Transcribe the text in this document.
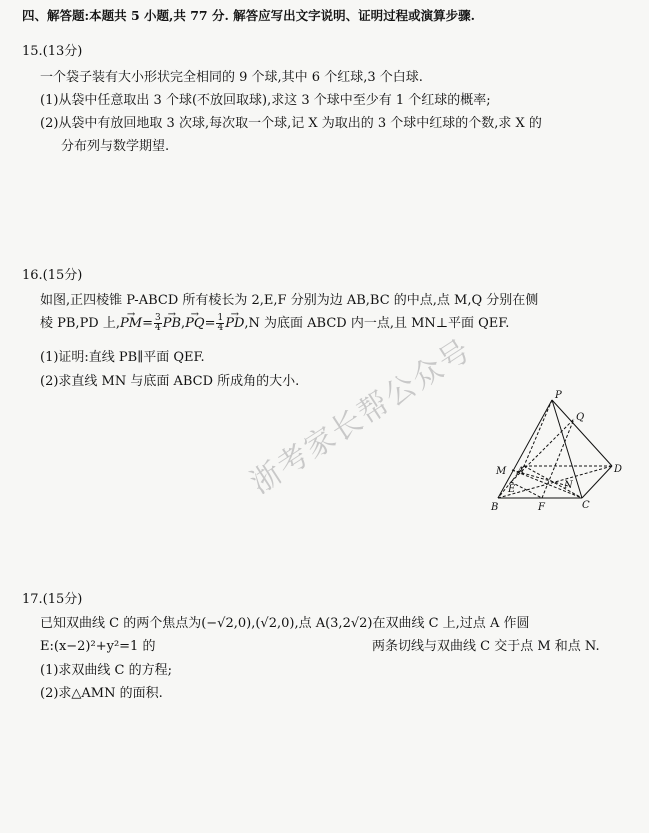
四、解答题:本题共 5 小题,共 77 分. 解答应写出文字说明、证明过程或演算步骤.
15.(13分)
一个袋子装有大小形状完全相同的 9 个球,其中 6 个红球,3 个白球.
(1)从袋中任意取出 3 个球(不放回取球),求这 3 个球中至少有 1 个红球的概率;
(2)从袋中有放回地取 3 次球,每次取一个球,记 X 为取出的 3 个球中红球的个数,求 X 的
分布列与数学期望.
16.(15分)
如图,正四棱锥 P-ABCD 所有棱长为 2,E,F 分别为边 AB,BC 的中点,点 M,Q 分别在侧
棱 PB,PD 上,→ $PM= \frac{3}{4} \to PB,\to PQ= \frac{1}{4} \to PD,N$ 为底面 ABCD 内一点,且 MN⊥平面 QEF.
(1)证明:直线 PB∥平面 QEF.
(2)求直线 MN 与底面 ABCD 所成角的大小.
浙考家长帮公众号	P
Q
M A	D
E	N
B	F	C
17.(15分)
已知双曲线 C 的两个焦点为(−√2,0),(√2,0),点 A(3,2√2)在双曲线 C 上,过点 A 作圆
E:(x−2)²+y²=1 的	两条切线与双曲线 C 交于点 M 和点 N.
(1)求双曲线 C 的方程;
(2)求△AMN 的面积.
